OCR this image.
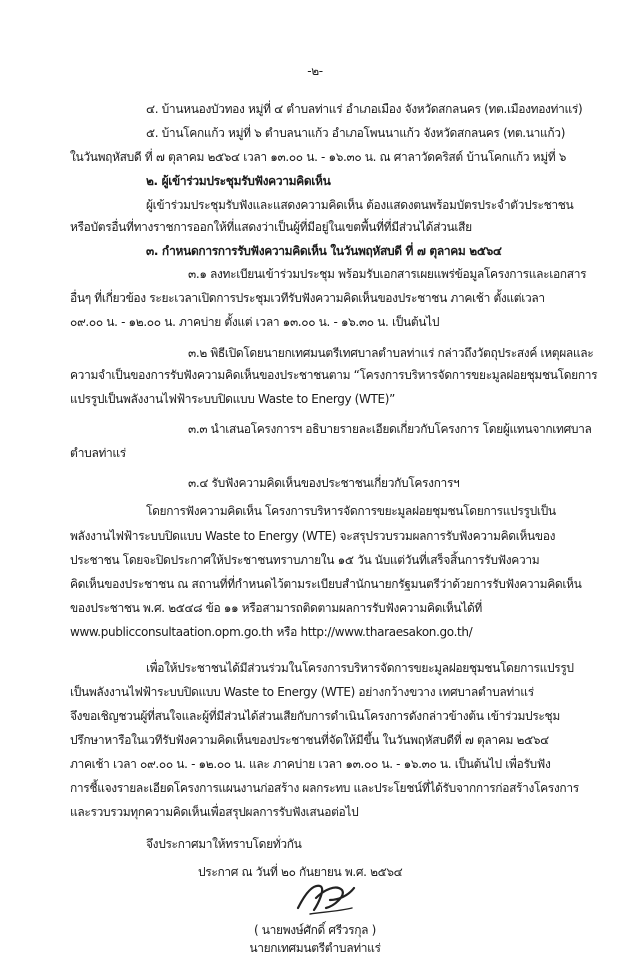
-๒-
๔. บ้านหนองบัวทอง หมู่ที่ ๔ ตำบลท่าแร่ อำเภอเมือง จังหวัดสกลนคร (ทต.เมืองทองท่าแร่)
๕. บ้านโคกแก้ว หมู่ที่ ๖ ตำบลนาแก้ว อำเภอโพนนาแก้ว จังหวัดสกลนคร (ทต.นาแก้ว)
ในวันพฤหัสบดี ที่ ๗ ตุลาคม ๒๕๖๔ เวลา ๑๓.๐๐ น. - ๑๖.๓๐ น. ณ ศาลาวัดคริสต์ บ้านโคกแก้ว หมู่ที่ ๖
๒. ผู้เข้าร่วมประชุมรับฟังความคิดเห็น
ผู้เข้าร่วมประชุมรับฟังและแสดงความคิดเห็น ต้องแสดงตนพร้อมบัตรประจำตัวประชาชน
หรือบัตรอื่นที่ทางราชการออกให้ที่แสดงว่าเป็นผู้ที่มีอยู่ในเขตพื้นที่ที่มีส่วนได้ส่วนเสีย
๓. กำหนดการการรับฟังความคิดเห็น ในวันพฤหัสบดี ที่ ๗ ตุลาคม ๒๕๖๔
๓.๑ ลงทะเบียนเข้าร่วมประชุม พร้อมรับเอกสารเผยแพร่ข้อมูลโครงการและเอกสาร
อื่นๆ ที่เกี่ยวข้อง ระยะเวลาเปิดการประชุมเวทีรับฟังความคิดเห็นของประชาชน ภาคเช้า ตั้งแต่เวลา
๐๙.๐๐ น. - ๑๒.๐๐ น. ภาคบ่าย ตั้งแต่ เวลา ๑๓.๐๐ น. - ๑๖.๓๐ น. เป็นต้นไป
๓.๒ พิธีเปิดโดยนายกเทศมนตรีเทศบาลตำบลท่าแร่ กล่าวถึงวัตถุประสงค์ เหตุผลและ
ความจำเป็นของการรับฟังความคิดเห็นของประชาชนตาม “โครงการบริหารจัดการขยะมูลฝอยชุมชนโดยการ
แปรรูปเป็นพลังงานไฟฟ้าระบบปิดแบบ Waste to Energy (WTE)”
๓.๓ นำเสนอโครงการฯ อธิบายรายละเอียดเกี่ยวกับโครงการ โดยผู้แทนจากเทศบาล
ตำบลท่าแร่
๓.๔ รับฟังความคิดเห็นของประชาชนเกี่ยวกับโครงการฯ
โดยการฟังความคิดเห็น โครงการบริหารจัดการขยะมูลฝอยชุมชนโดยการแปรรูปเป็น
พลังงานไฟฟ้าระบบปิดแบบ Waste to Energy (WTE) จะสรุปรวบรวมผลการรับฟังความคิดเห็นของ
ประชาชน โดยจะปิดประกาศให้ประชาชนทราบภายใน ๑๕ วัน นับแต่วันที่เสร็จสิ้นการรับฟังความ
คิดเห็นของประชาชน ณ สถานที่ที่กำหนดไว้ตามระเบียบสำนักนายกรัฐมนตรีว่าด้วยการรับฟังความคิดเห็น
ของประชาชน พ.ศ. ๒๕๔๘ ข้อ ๑๑ หรือสามารถติดตามผลการรับฟังความคิดเห็นได้ที่
www.publicconsultaation.opm.go.th หรือ http://www.tharaesakon.go.th/
เพื่อให้ประชาชนได้มีส่วนร่วมในโครงการบริหารจัดการขยะมูลฝอยชุมชนโดยการแปรรูป
เป็นพลังงานไฟฟ้าระบบปิดแบบ Waste to Energy (WTE) อย่างกว้างขวาง เทศบาลตำบลท่าแร่
จึงขอเชิญชวนผู้ที่สนใจและผู้ที่มีส่วนได้ส่วนเสียกับการดำเนินโครงการดังกล่าวข้างต้น เข้าร่วมประชุม
ปรึกษาหารือในเวทีรับฟังความคิดเห็นของประชาชนที่จัดให้มีขึ้น ในวันพฤหัสบดีที่ ๗ ตุลาคม ๒๕๖๔
ภาคเช้า เวลา ๐๙.๐๐ น. - ๑๒.๐๐ น. และ ภาคบ่าย เวลา ๑๓.๐๐ น. - ๑๖.๓๐ น. เป็นต้นไป เพื่อรับฟัง
การชี้แจงรายละเอียดโครงการแผนงานก่อสร้าง ผลกระทบ และประโยชน์ที่ได้รับจากการก่อสร้างโครงการ
และรวบรวมทุกความคิดเห็นเพื่อสรุปผลการรับฟังเสนอต่อไป
จึงประกาศมาให้ทราบโดยทั่วกัน
ประกาศ ณ วันที่ ๒๐ กันยายน พ.ศ. ๒๕๖๔
( นายพงษ์ศักดิ์ ศรีวรกุล )
นายกเทศมนตรีตำบลท่าแร่
